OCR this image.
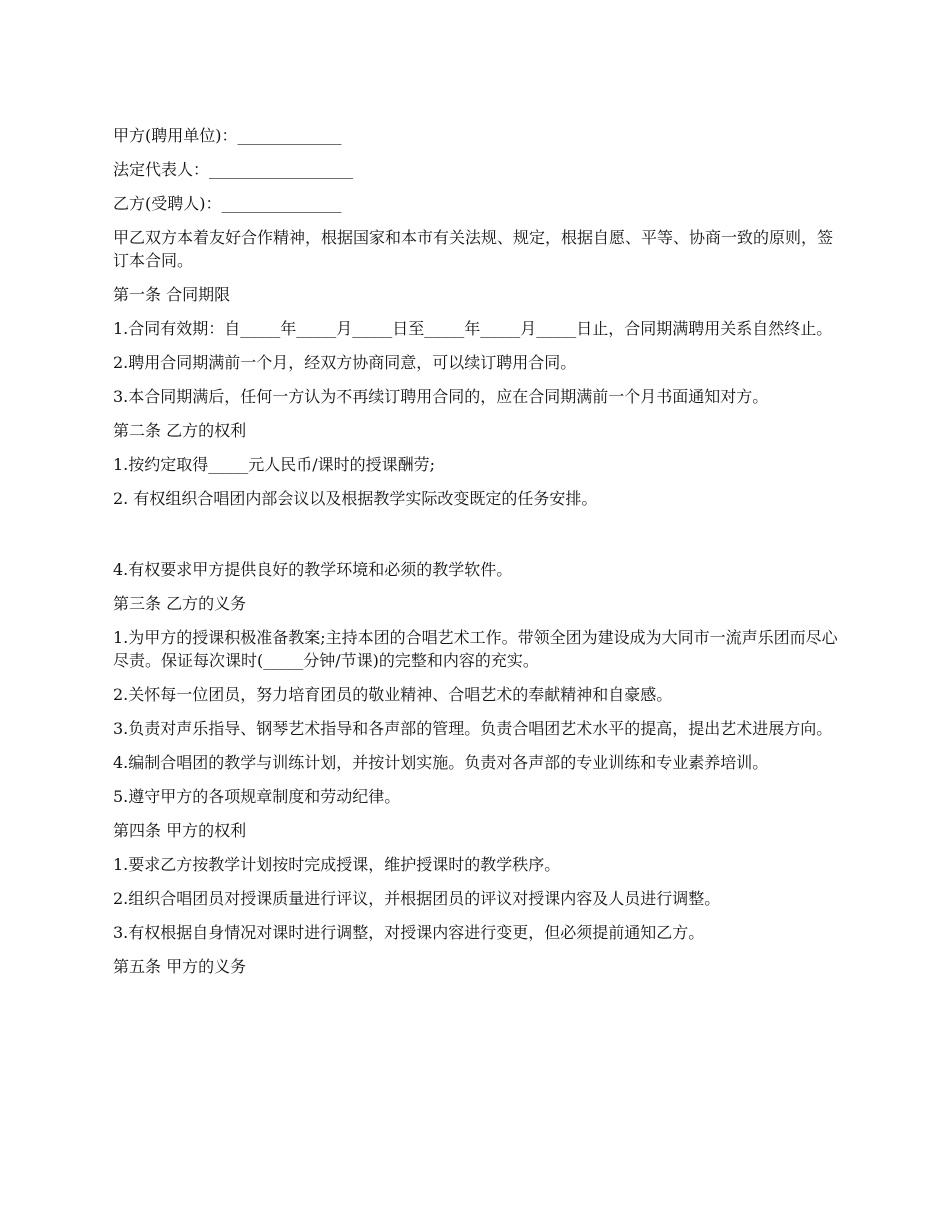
甲方(聘用单位)：_____________

法定代表人：__________________

乙方(受聘人)：_______________

甲乙双方本着友好合作精神，根据国家和本市有关法规、规定，根据自愿、平等、协商一致的原则，签订本合同。

第一条 合同期限

1.合同有效期：自_____年_____月_____日至_____年_____月_____日止，合同期满聘用关系自然终止。

2.聘用合同期满前一个月，经双方协商同意，可以续订聘用合同。

3.本合同期满后，任何一方认为不再续订聘用合同的，应在合同期满前一个月书面通知对方。

第二条 乙方的权利

1.按约定取得_____元人民币/课时的授课酬劳;

2. 有权组织合唱团内部会议以及根据教学实际改变既定的任务安排。

4.有权要求甲方提供良好的教学环境和必须的教学软件。

第三条 乙方的义务

1.为甲方的授课积极准备教案;主持本团的合唱艺术工作。带领全团为建设成为大同市一流声乐团而尽心尽责。保证每次课时(_____分钟/节课)的完整和内容的充实。

2.关怀每一位团员，努力培育团员的敬业精神、合唱艺术的奉献精神和自豪感。

3.负责对声乐指导、钢琴艺术指导和各声部的管理。负责合唱团艺术水平的提高，提出艺术进展方向。

4.编制合唱团的教学与训练计划，并按计划实施。负责对各声部的专业训练和专业素养培训。

5.遵守甲方的各项规章制度和劳动纪律。

第四条 甲方的权利

1.要求乙方按教学计划按时完成授课，维护授课时的教学秩序。

2.组织合唱团员对授课质量进行评议，并根据团员的评议对授课内容及人员进行调整。

3.有权根据自身情况对课时进行调整，对授课内容进行变更，但必须提前通知乙方。

第五条 甲方的义务
